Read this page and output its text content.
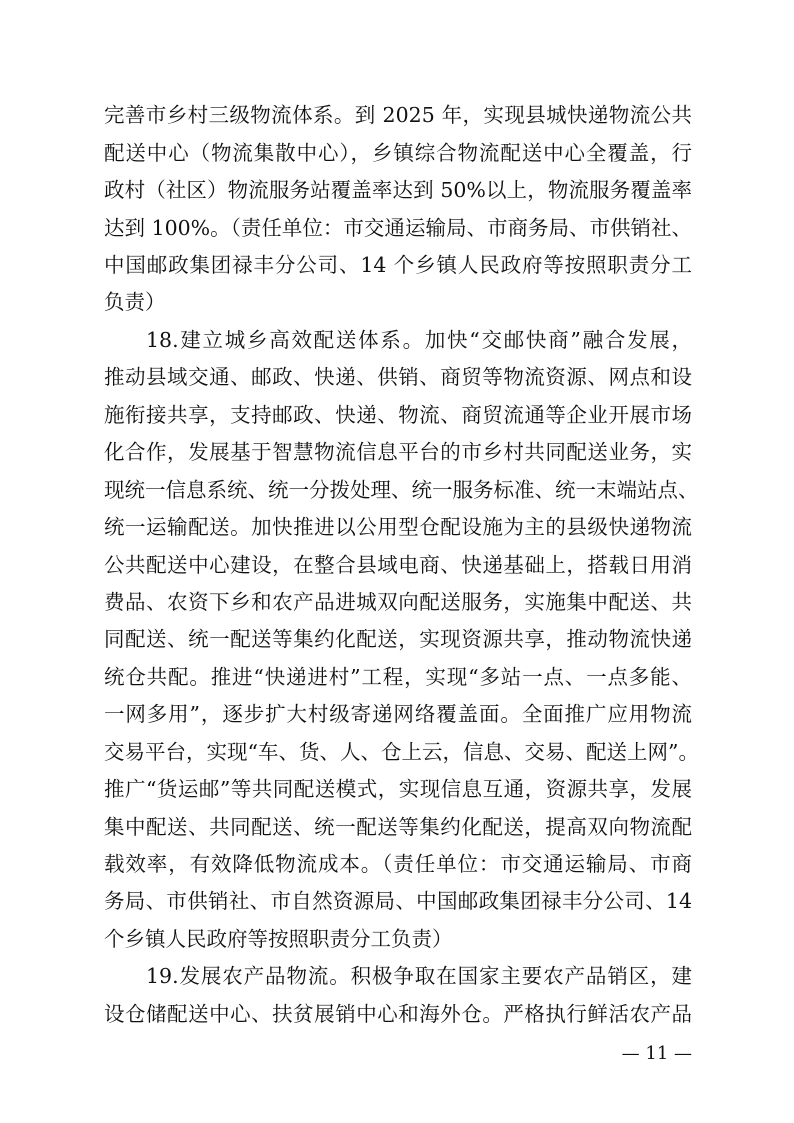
完善市乡村三级物流体系。到 2025 年，实现县城快递物流公共
配送中心（物流集散中心），乡镇综合物流配送中心全覆盖，行
政村（社区）物流服务站覆盖率达到 50%以上，物流服务覆盖率
达到 100%。（责任单位：市交通运输局、市商务局、市供销社、
中国邮政集团禄丰分公司、14 个乡镇人民政府等按照职责分工
负责）
18.建立城乡高效配送体系。加快“交邮快商”融合发展，
推动县域交通、邮政、快递、供销、商贸等物流资源、网点和设
施衔接共享，支持邮政、快递、物流、商贸流通等企业开展市场
化合作，发展基于智慧物流信息平台的市乡村共同配送业务，实
现统一信息系统、统一分拨处理、统一服务标准、统一末端站点、
统一运输配送。加快推进以公用型仓配设施为主的县级快递物流
公共配送中心建设，在整合县域电商、快递基础上，搭载日用消
费品、农资下乡和农产品进城双向配送服务，实施集中配送、共
同配送、统一配送等集约化配送，实现资源共享，推动物流快递
统仓共配。推进“快递进村”工程，实现“多站一点、一点多能、
一网多用”，逐步扩大村级寄递网络覆盖面。全面推广应用物流
交易平台，实现“车、货、人、仓上云，信息、交易、配送上网”。
推广“货运邮”等共同配送模式，实现信息互通，资源共享，发展
集中配送、共同配送、统一配送等集约化配送，提高双向物流配
载效率，有效降低物流成本。（责任单位：市交通运输局、市商
务局、市供销社、市自然资源局、中国邮政集团禄丰分公司、14
个乡镇人民政府等按照职责分工负责）
19.发展农产品物流。积极争取在国家主要农产品销区，建
设仓储配送中心、扶贫展销中心和海外仓。严格执行鲜活农产品
— 11 —
